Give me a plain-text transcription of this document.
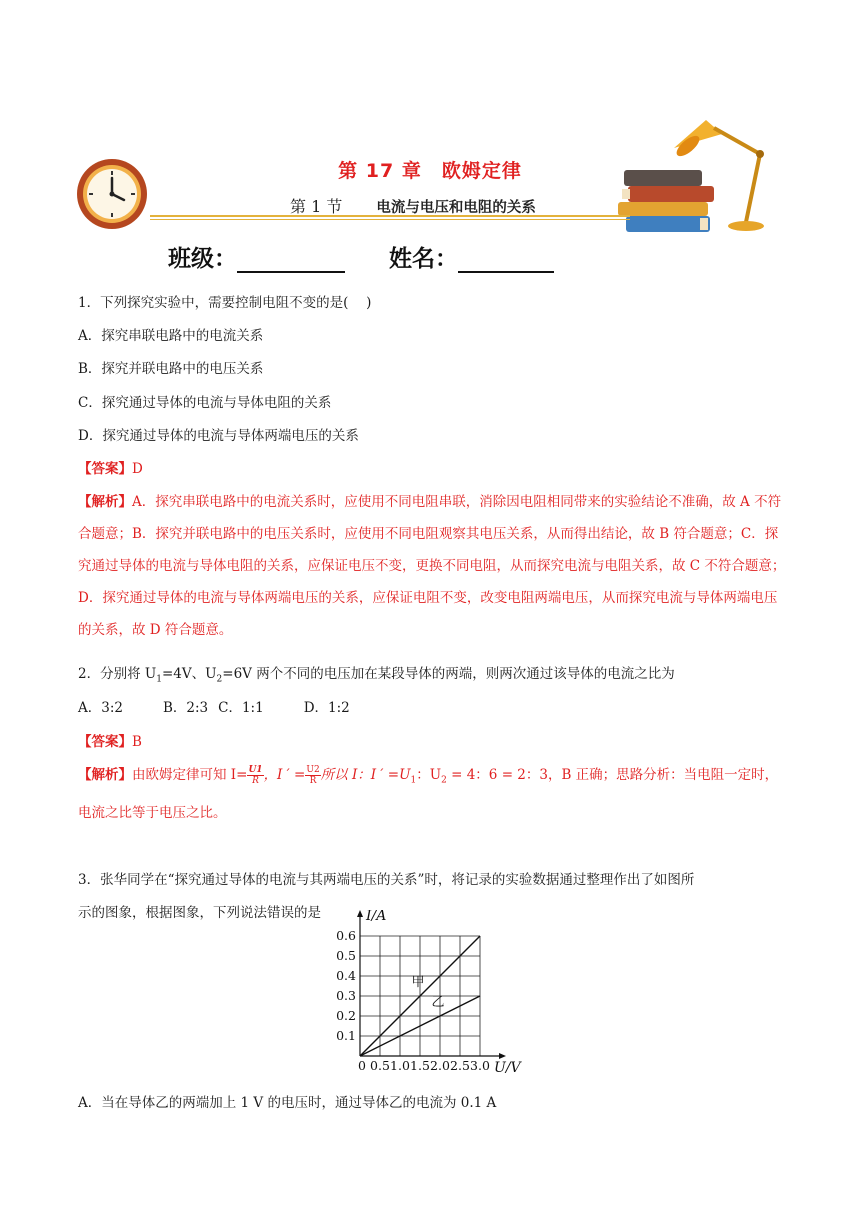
第 17 章　欧姆定律
第 1 节 电流与电压和电阻的关系
班级：	姓名：
1．下列探究实验中，需要控制电阻不变的是(　 )
A．探究串联电路中的电流关系
B．探究并联电路中的电压关系
C．探究通过导体的电流与导体电阻的关系
D．探究通过导体的电流与导体两端电压的关系
【答案】D
【解析】A．探究串联电路中的电流关系时，应使用不同电阻串联，消除因电阻相同带来的实验结论不准确，故 A 不符合题意；B．探究并联电路中的电压关系时，应使用不同电阻观察其电压关系，从而得出结论，故 B 符合题意；C．探究通过导体的电流与导体电阻的关系，应保证电压不变，更换不同电阻，从而探究电流与电阻关系，故 C 不符合题意；D．探究通过导体的电流与导体两端电压的关系，应保证电阻不变，改变电阻两端电压，从而探究电流与导体两端电压的关系，故 D 符合题意。
2．分别将 $U_1=4V$、$U_2=6V$ 两个不同的电压加在某段导体的两端，则两次通过该导体的电流之比为
A．3:2	B．2:3 C．1:1	D．1:2
【答案】B
【解析】由欧姆定律可知 $I= \frac{U1}{R}$ ，I ′ = $\frac{U2}{R}$ 所以 I：I ′ $=U_1$：$U_2 = 4$：6 = 2：3，B 正确；思路分析：当电阻一定时，电流之比等于电压之比。
3．张华同学在“探究通过导体的电流与其两端电压的关系”时，将记录的实验数据通过整理作出了如图所
示的图象，根据图象，下列说法错误的是
0 0.5 1.0 1.5 2.0 2.5 3.0
0.1
0.2
0.3
0.4
0.5
0.6
I/A
U/V
甲
乙
A．当在导体乙的两端加上 1 V 的电压时，通过导体乙的电流为 0.1 A
